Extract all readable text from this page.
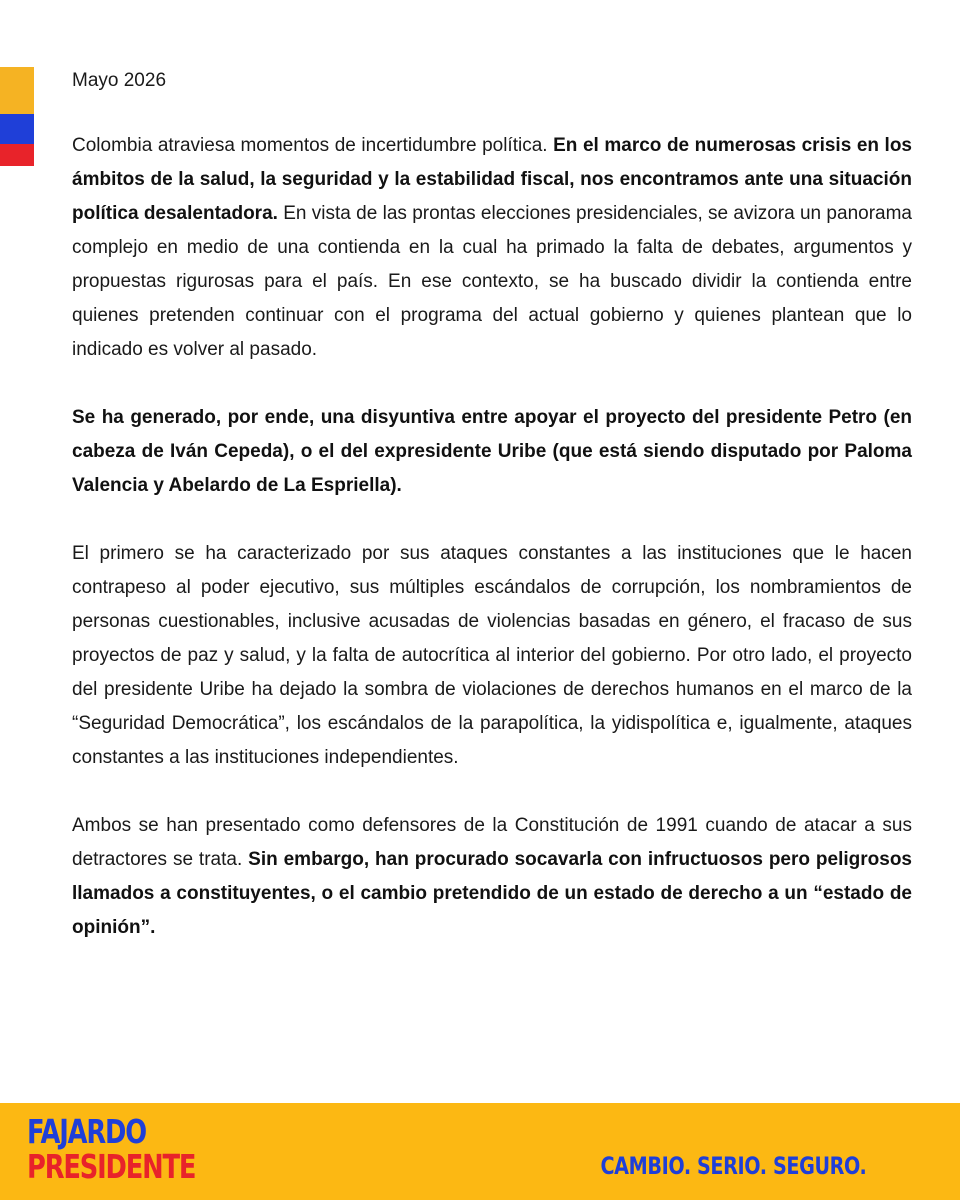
Mayo 2026

Colombia atraviesa momentos de incertidumbre política. En el marco de numerosas crisis en los ámbitos de la salud, la seguridad y la estabilidad fiscal, nos encontramos ante una situación política desalentadora. En vista de las prontas elecciones presidenciales, se avizora un panorama complejo en medio de una contienda en la cual ha primado la falta de debates, argumentos y propuestas rigurosas para el país. En ese contexto, se ha buscado dividir la contienda entre quienes pretenden continuar con el programa del actual gobierno y quienes plantean que lo indicado es volver al pasado.

Se ha generado, por ende, una disyuntiva entre apoyar el proyecto del presidente Petro (en cabeza de Iván Cepeda), o el del expresidente Uribe (que está siendo disputado por Paloma Valencia y Abelardo de La Espriella).

El primero se ha caracterizado por sus ataques constantes a las instituciones que le hacen contrapeso al poder ejecutivo, sus múltiples escándalos de corrupción, los nombramientos de personas cuestionables, inclusive acusadas de violencias basadas en género, el fracaso de sus proyectos de paz y salud, y la falta de autocrítica al interior del gobierno. Por otro lado, el proyecto del presidente Uribe ha dejado la sombra de violaciones de derechos humanos en el marco de la “Seguridad Democrática”, los escándalos de la parapolítica, la yidispolítica e, igualmente, ataques constantes a las instituciones independientes.

Ambos se han presentado como defensores de la Constitución de 1991 cuando de atacar a sus detractores se trata. Sin embargo, han procurado socavarla con infructuosos pero peligrosos llamados a constituyentes, o el cambio pretendido de un estado de derecho a un “estado de opinión”.

FAJARDO
PRESIDENTE	CAMBIO. SERIO. SEGURO.
